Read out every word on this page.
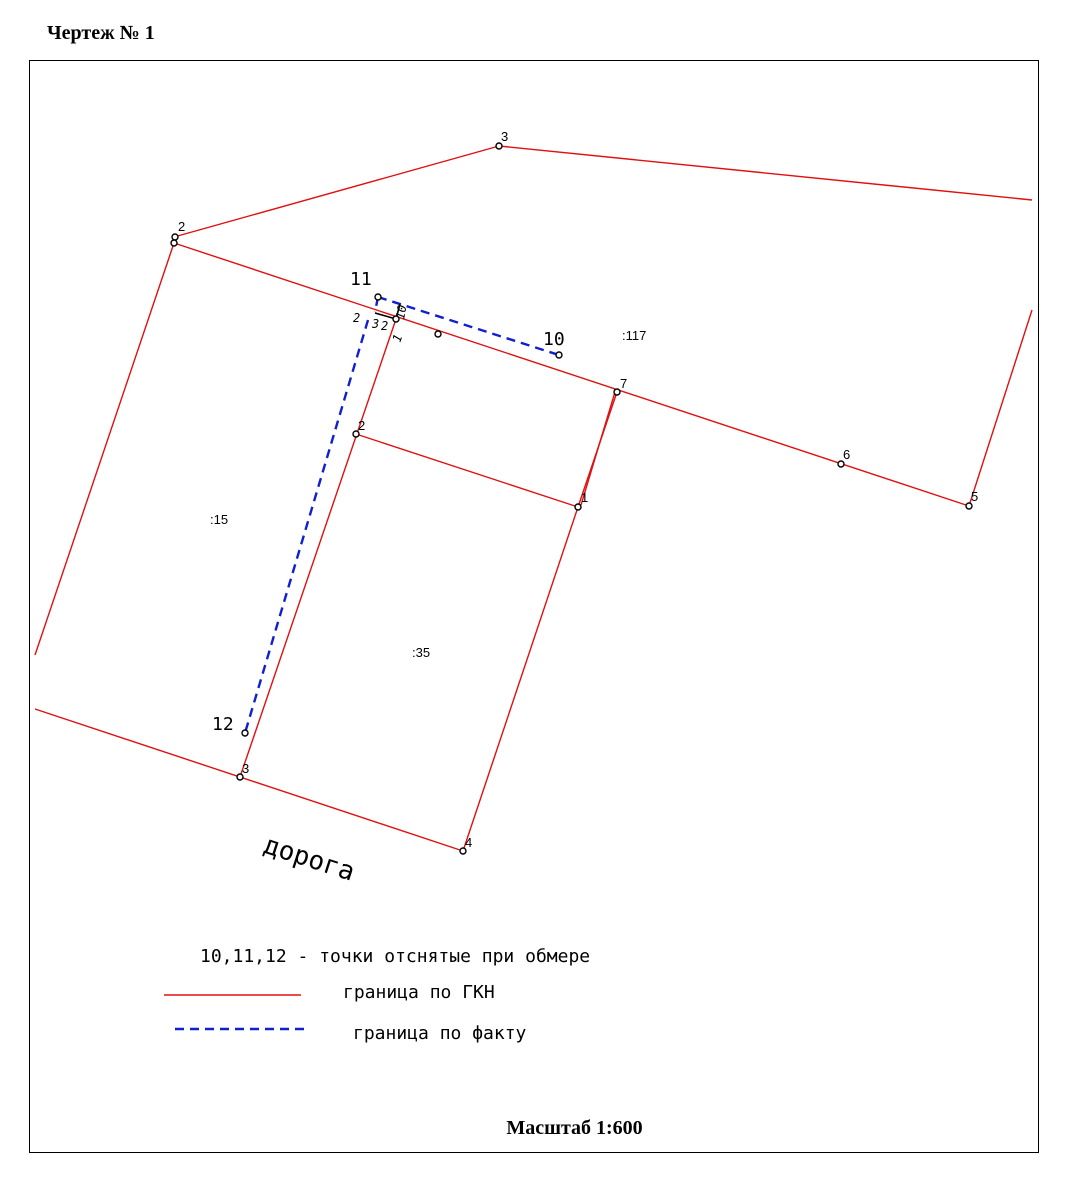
Чертеж № 1
3
2
7
6
5
1
2
3
4
10
11
12
2 3 2
1
10
:117
:15
:35
дорога
10,11,12 - точки отснятые при обмере
граница по ГКН
граница по факту
Масштаб 1:600
